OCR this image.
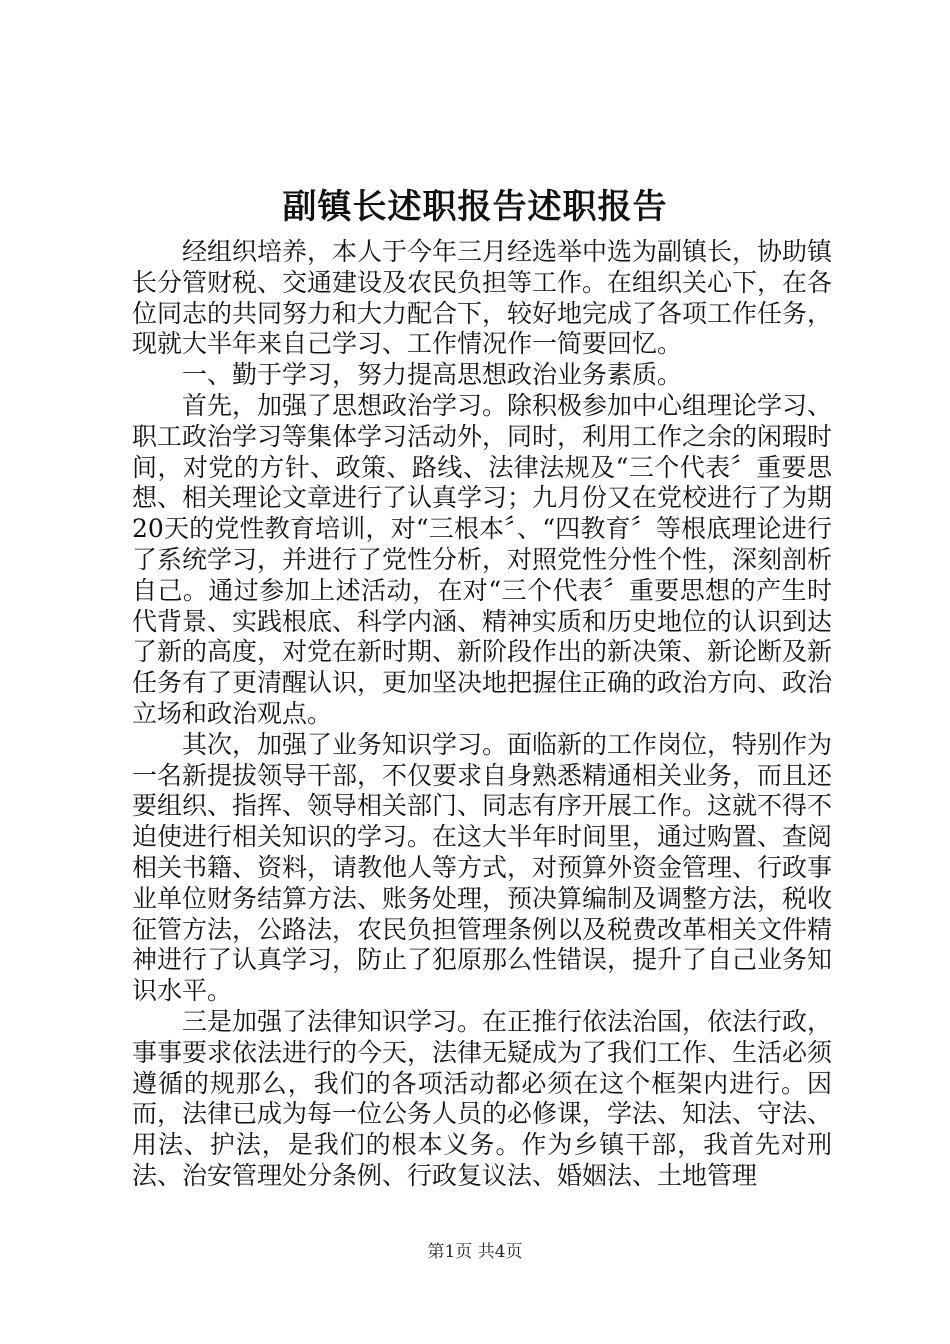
副镇长述职报告述职报告

经组织培养，本人于今年三月经选举中选为副镇长，协助镇长分管财税、交通建设及农民负担等工作。在组织关心下，在各位同志的共同努力和大力配合下，较好地完成了各项工作任务，现就大半年来自己学习、工作情况作一简要回忆。

一、勤于学习，努力提高思想政治业务素质。

首先，加强了思想政治学习。除积极参加中心组理论学习、职工政治学习等集体学习活动外，同时，利用工作之余的闲瑕时间，对党的方针、政策、路线、法律法规及“三个代表〞重要思想、相关理论文章进行了认真学习；九月份又在党校进行了为期20天的党性教育培训，对“三根本〞、“四教育〞等根底理论进行了系统学习，并进行了党性分析，对照党性分性个性，深刻剖析自己。通过参加上述活动，在对“三个代表〞重要思想的产生时代背景、实践根底、科学内涵、精神实质和历史地位的认识到达了新的高度，对党在新时期、新阶段作出的新决策、新论断及新任务有了更清醒认识，更加坚决地把握住正确的政治方向、政治立场和政治观点。

其次，加强了业务知识学习。面临新的工作岗位，特别作为一名新提拔领导干部，不仅要求自身熟悉精通相关业务，而且还要组织、指挥、领导相关部门、同志有序开展工作。这就不得不迫使进行相关知识的学习。在这大半年时间里，通过购置、查阅相关书籍、资料，请教他人等方式，对预算外资金管理、行政事业单位财务结算方法、账务处理，预决算编制及调整方法，税收征管方法，公路法，农民负担管理条例以及税费改革相关文件精神进行了认真学习，防止了犯原那么性错误，提升了自己业务知识水平。

三是加强了法律知识学习。在正推行依法治国，依法行政，事事要求依法进行的今天，法律无疑成为了我们工作、生活必须遵循的规那么，我们的各项活动都必须在这个框架内进行。因而，法律已成为每一位公务人员的必修课，学法、知法、守法、用法、护法，是我们的根本义务。作为乡镇干部，我首先对刑法、治安管理处分条例、行政复议法、婚姻法、土地管理

第1页 共4页
